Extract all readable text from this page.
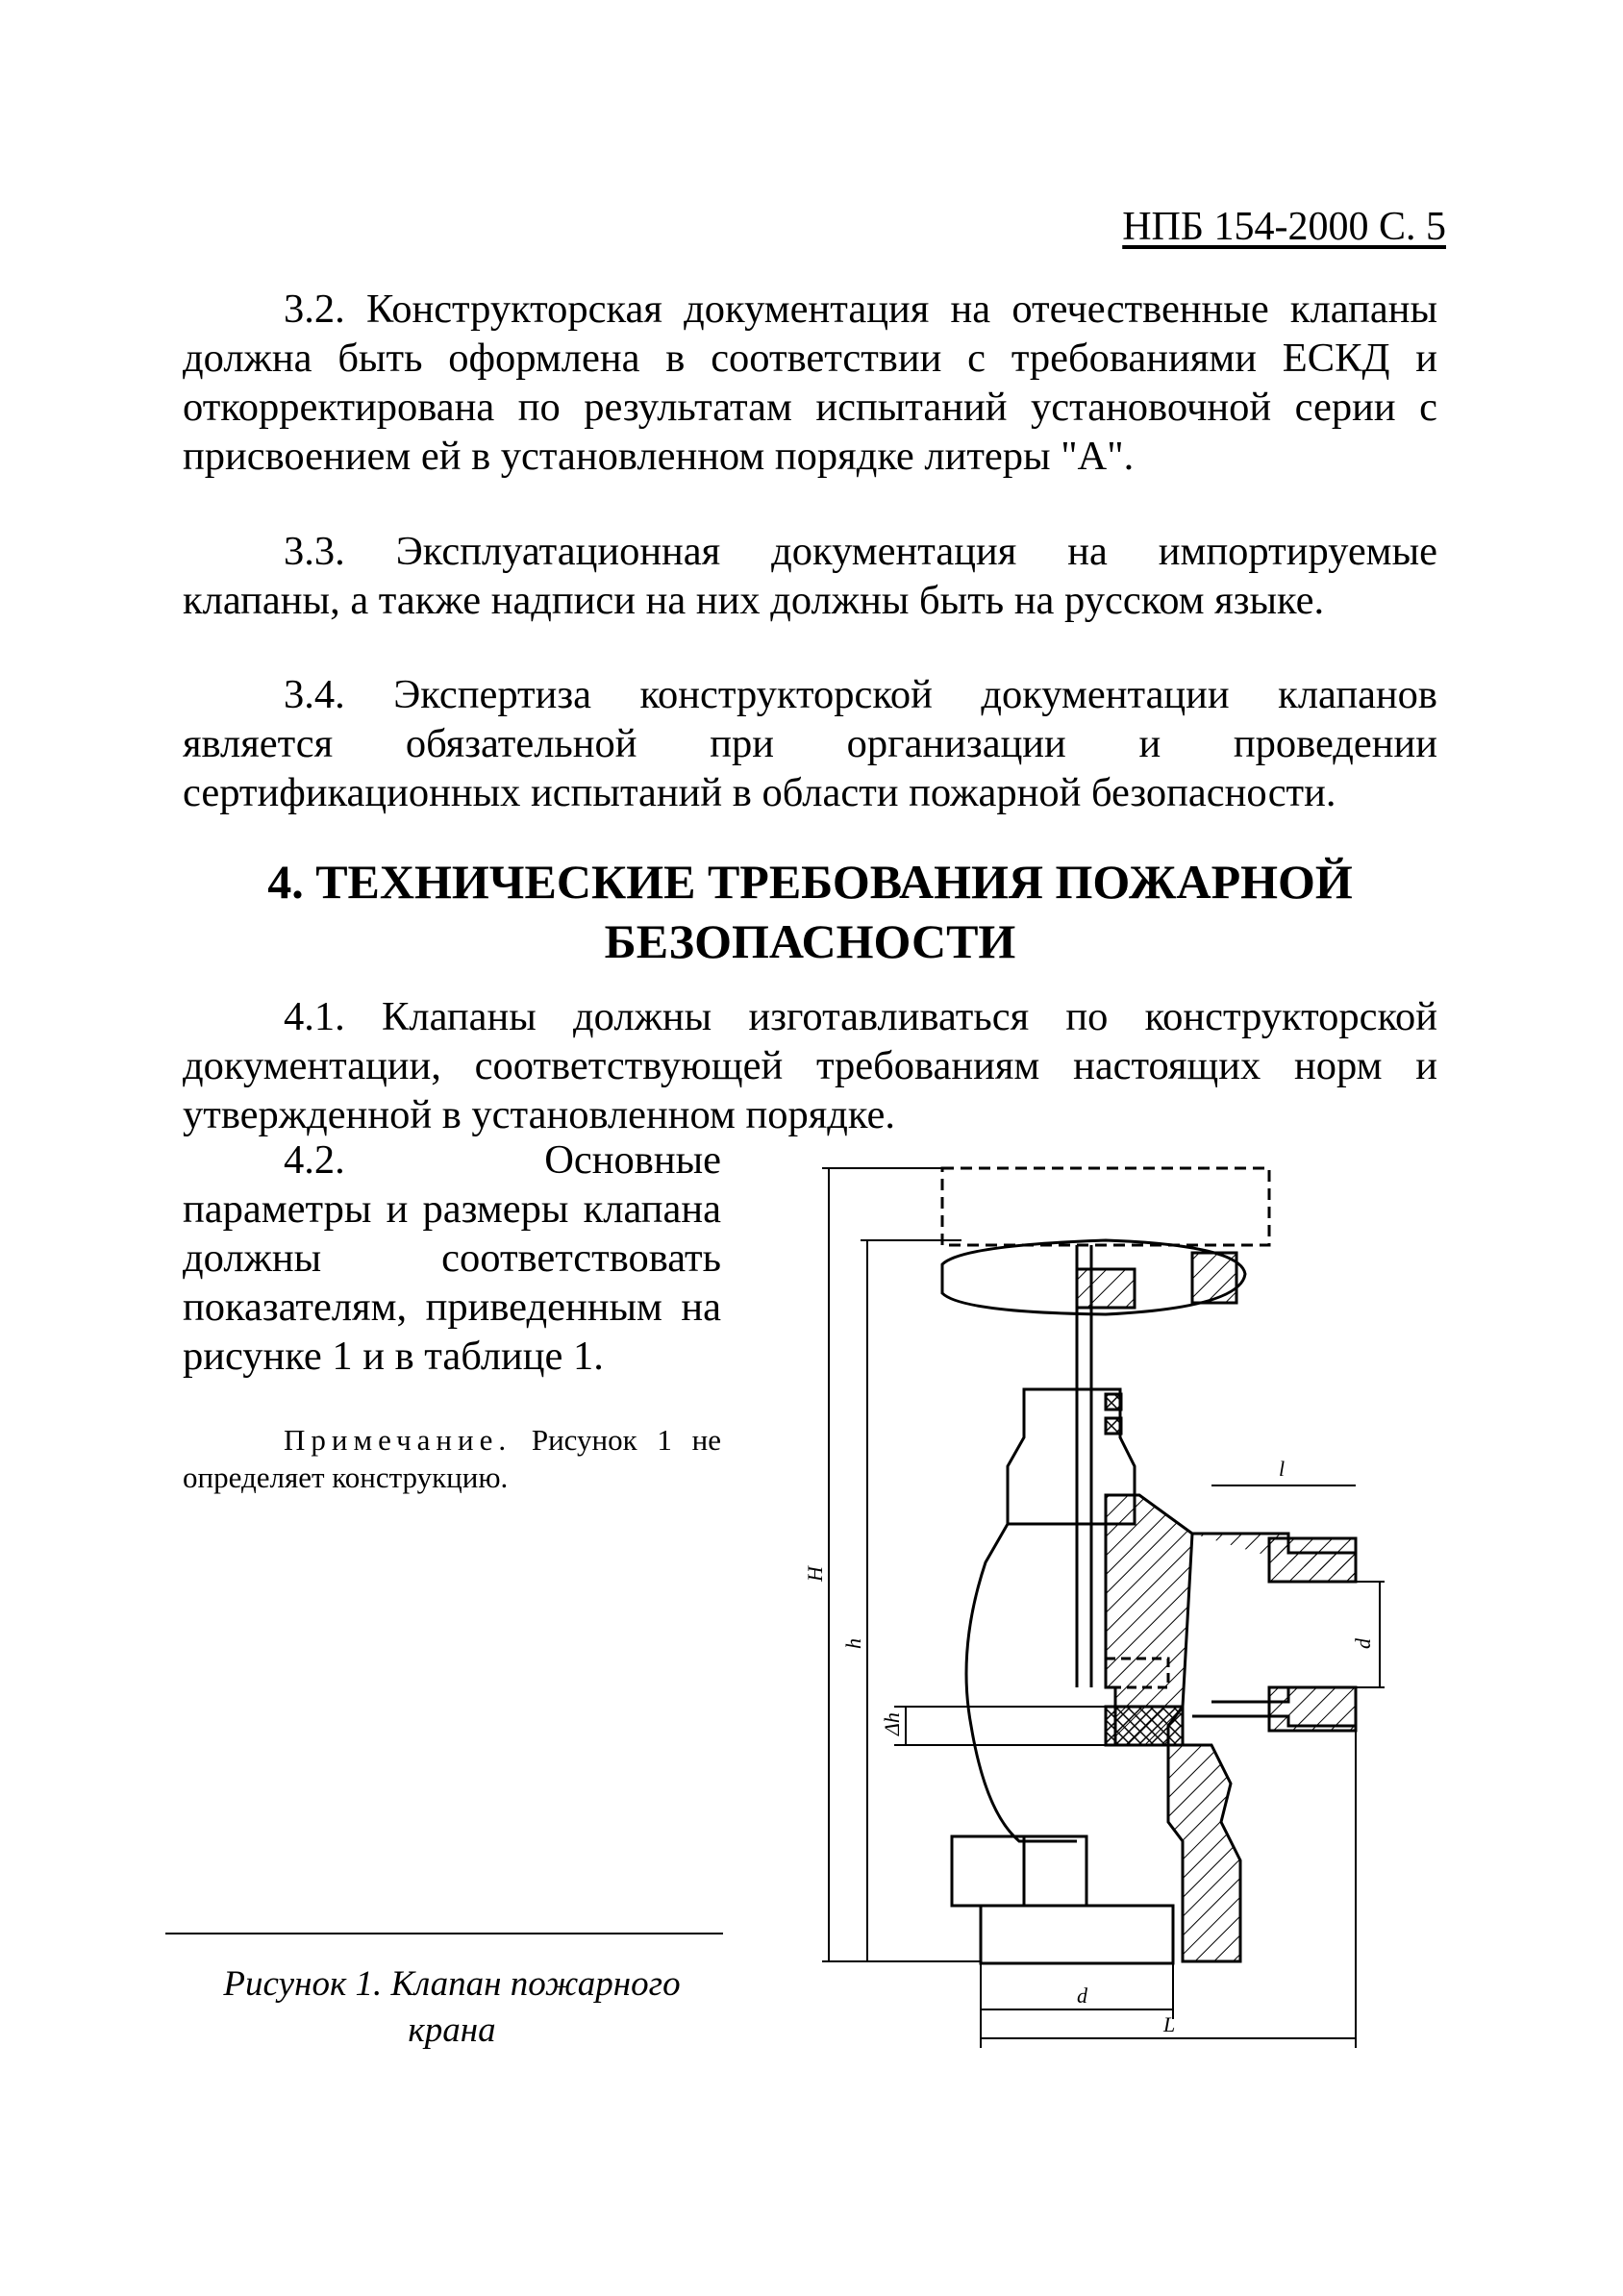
НПБ 154-2000 С. 5

3.2. Конструкторская документация на отечественные клапаны должна быть оформлена в соответствии с требованиями ЕСКД и откорректирована по результатам испытаний установочной серии с присвоением ей в установленном порядке литеры "А".

3.3. Эксплуатационная документация на импортируемые клапаны, а также надписи на них должны быть на русском языке.

3.4. Экспертиза конструкторской документации клапанов является обязательной при организации и проведении сертификационных испытаний в области пожарной безопасности.

4. ТЕХНИЧЕСКИЕ ТРЕБОВАНИЯ ПОЖАРНОЙ БЕЗОПАСНОСТИ

4.1. Клапаны должны изготавливаться по конструкторской документации, соответствующей требованиям настоящих норм и утвержденной в установленном порядке.

4.2. Основные параметры и размеры клапана должны соответствовать показателям, приведенным на рисунке 1 и в таблице 1.

Примечание. Рисунок 1 не определяет конструкцию.
Рисунок 1. Клапан пожарного крана
H
h
Δh
l
d
d
L
